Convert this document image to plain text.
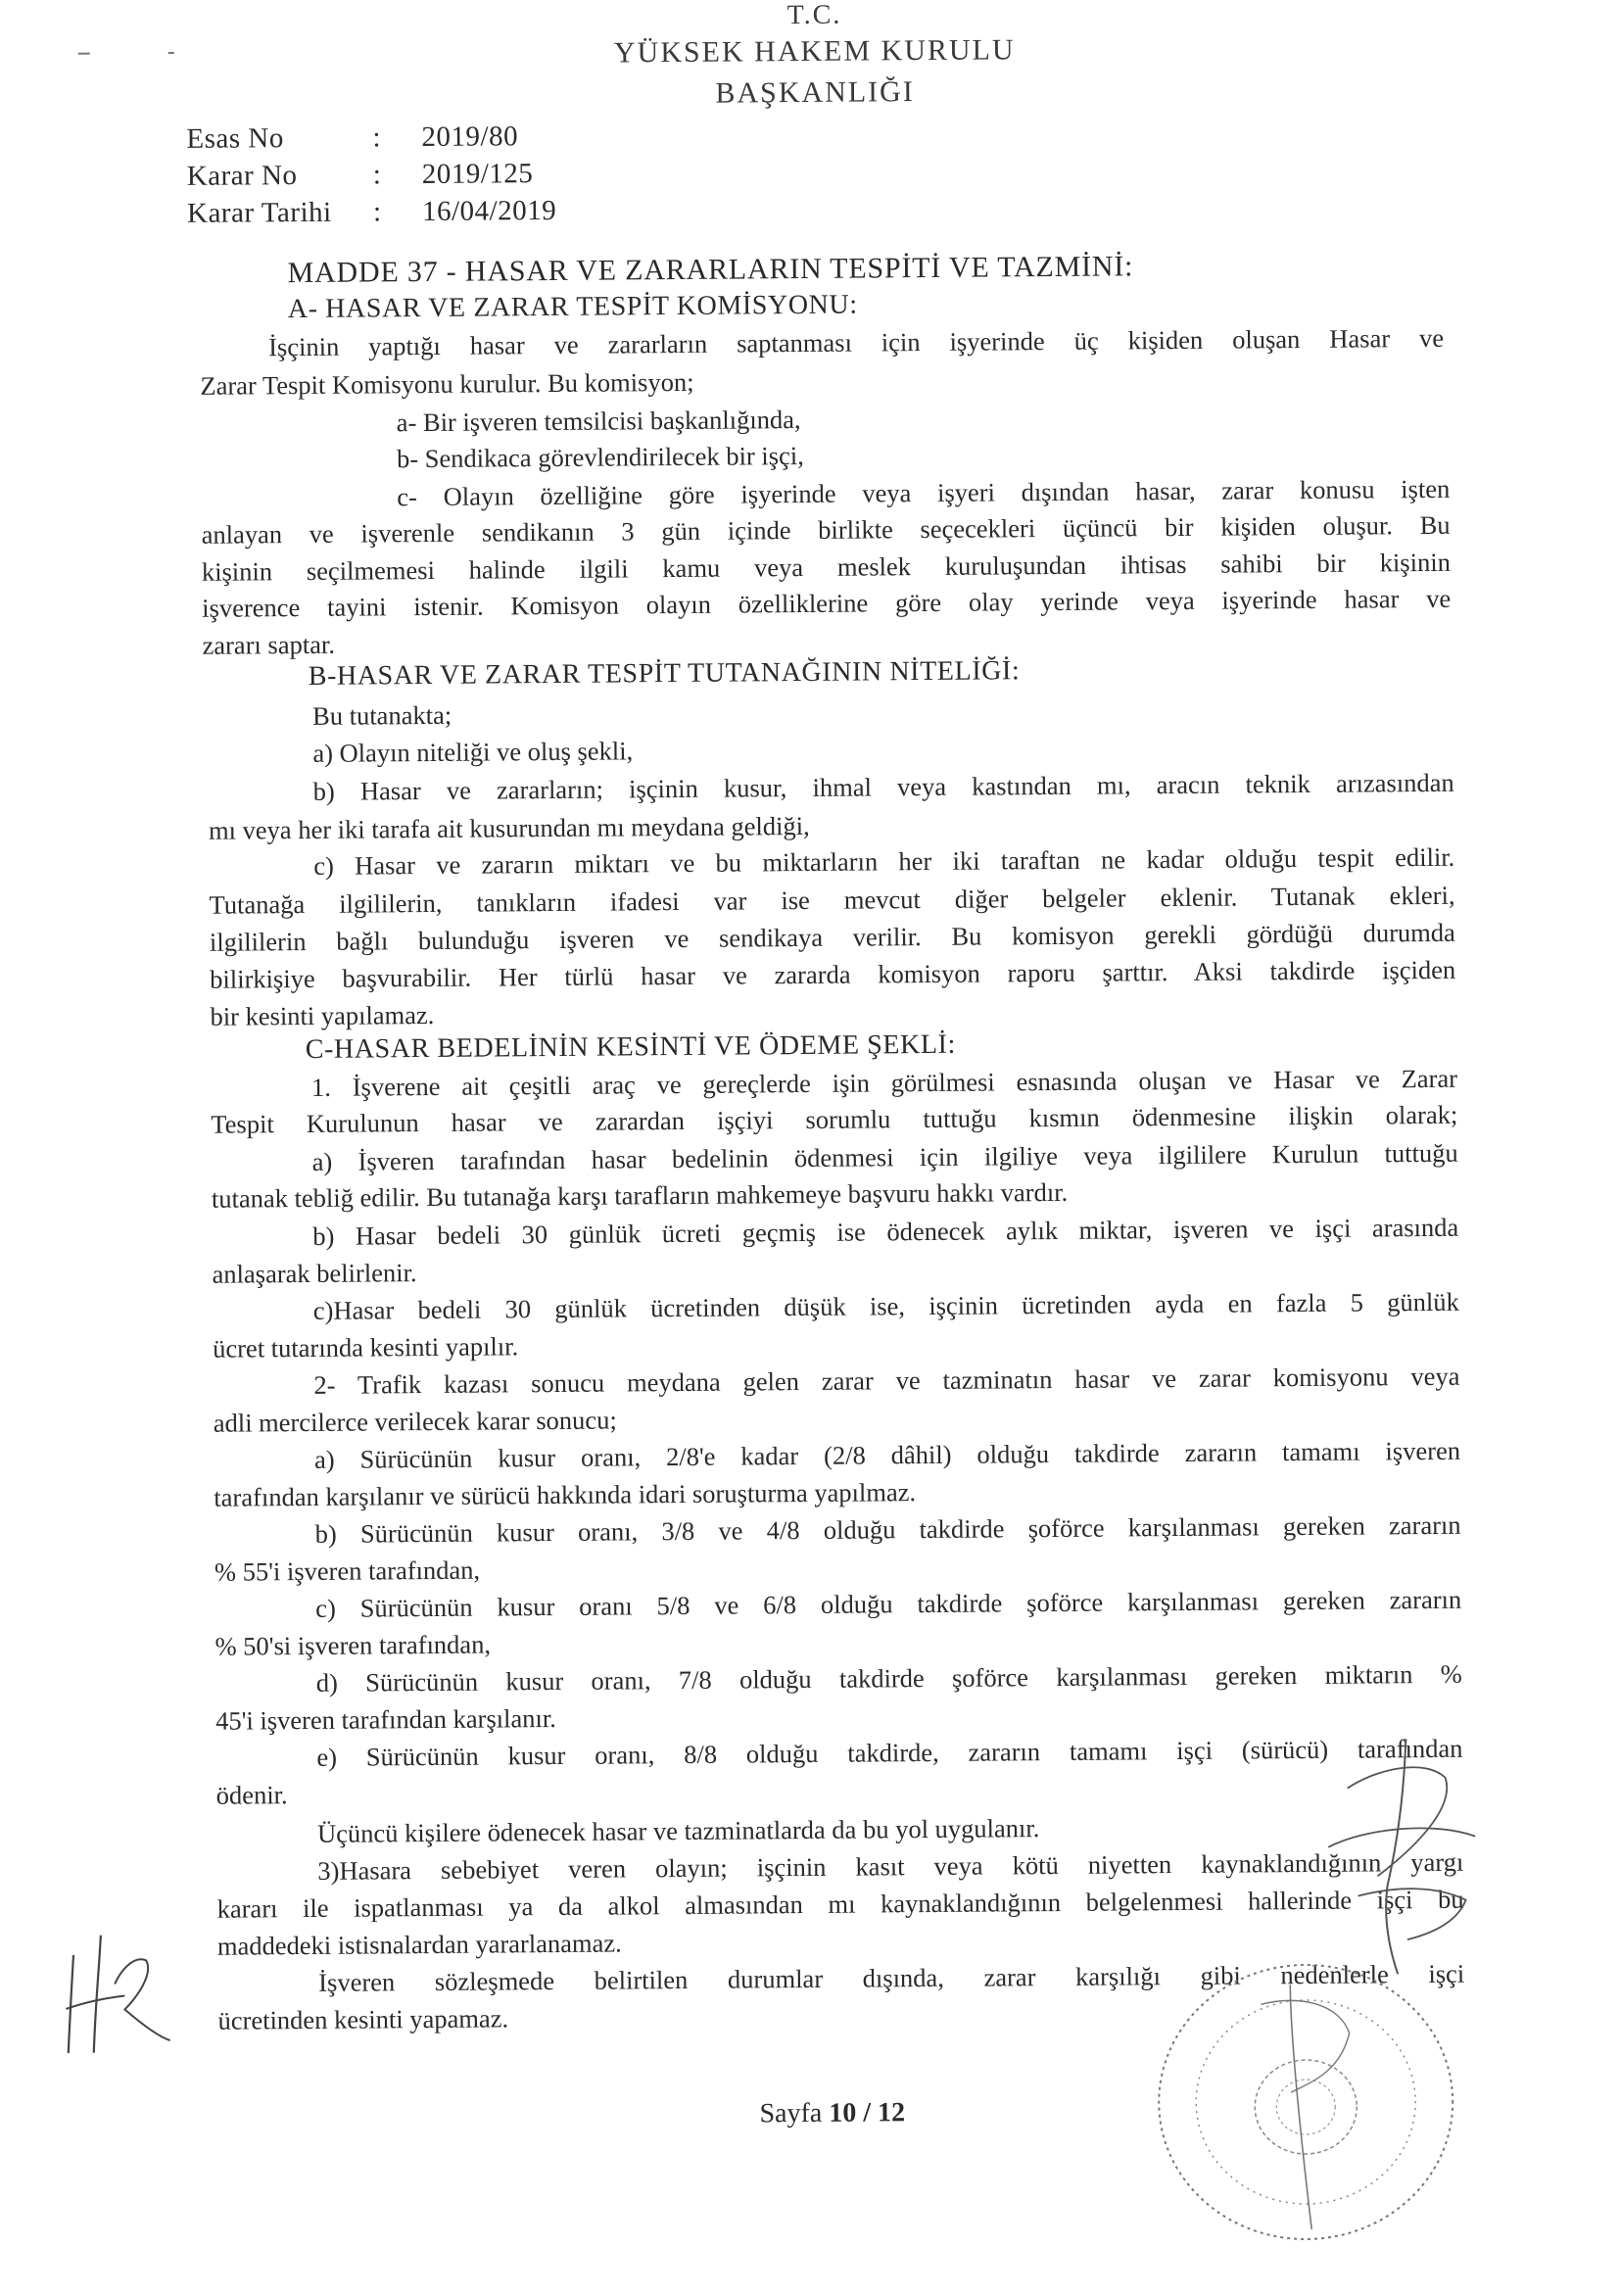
T.C.
YÜKSEK HAKEM KURULU
BAŞKANLIĞI
Esas No	:	2019/80
Karar No	:	2019/125
Karar Tarihi	:	16/04/2019
MADDE 37 - HASAR VE ZARARLARIN TESPİTİ VE TAZMİNİ:
A- HASAR VE ZARAR TESPİT KOMİSYONU:
İşçinin yaptığı hasar ve zararların saptanması için işyerinde üç kişiden oluşan Hasar ve
Zarar Tespit Komisyonu kurulur. Bu komisyon;
a- Bir işveren temsilcisi başkanlığında,
b- Sendikaca görevlendirilecek bir işçi,
c- Olayın özelliğine göre işyerinde veya işyeri dışından hasar, zarar konusu işten
anlayan ve işverenle sendikanın 3 gün içinde birlikte seçecekleri üçüncü bir kişiden oluşur. Bu
kişinin seçilmemesi halinde ilgili kamu veya meslek kuruluşundan ihtisas sahibi bir kişinin
işverence tayini istenir. Komisyon olayın özelliklerine göre olay yerinde veya işyerinde hasar ve
zararı saptar.
B-HASAR VE ZARAR TESPİT TUTANAĞININ NİTELİĞİ:
Bu tutanakta;
a) Olayın niteliği ve oluş şekli,
b) Hasar ve zararların; işçinin kusur, ihmal veya kastından mı, aracın teknik arızasından
mı veya her iki tarafa ait kusurundan mı meydana geldiği,
c) Hasar ve zararın miktarı ve bu miktarların her iki taraftan ne kadar olduğu tespit edilir.
Tutanağa ilgililerin, tanıkların ifadesi var ise mevcut diğer belgeler eklenir. Tutanak ekleri,
ilgililerin bağlı bulunduğu işveren ve sendikaya verilir. Bu komisyon gerekli gördüğü durumda
bilirkişiye başvurabilir. Her türlü hasar ve zararda komisyon raporu şarttır. Aksi takdirde işçiden
bir kesinti yapılamaz.
C-HASAR BEDELİNİN KESİNTİ VE ÖDEME ŞEKLİ:
1. İşverene ait çeşitli araç ve gereçlerde işin görülmesi esnasında oluşan ve Hasar ve Zarar
Tespit Kurulunun hasar ve zarardan işçiyi sorumlu tuttuğu kısmın ödenmesine ilişkin olarak;
a) İşveren tarafından hasar bedelinin ödenmesi için ilgiliye veya ilgililere Kurulun tuttuğu
tutanak tebliğ edilir. Bu tutanağa karşı tarafların mahkemeye başvuru hakkı vardır.
b) Hasar bedeli 30 günlük ücreti geçmiş ise ödenecek aylık miktar, işveren ve işçi arasında
anlaşarak belirlenir.
c)Hasar bedeli 30 günlük ücretinden düşük ise, işçinin ücretinden ayda en fazla 5 günlük
ücret tutarında kesinti yapılır.
2- Trafik kazası sonucu meydana gelen zarar ve tazminatın hasar ve zarar komisyonu veya
adli mercilerce verilecek karar sonucu;
a) Sürücünün kusur oranı, 2/8'e kadar (2/8 dâhil) olduğu takdirde zararın tamamı işveren
tarafından karşılanır ve sürücü hakkında idari soruşturma yapılmaz.
b) Sürücünün kusur oranı, 3/8 ve 4/8 olduğu takdirde şoförce karşılanması gereken zararın
% 55'i işveren tarafından,
c) Sürücünün kusur oranı 5/8 ve 6/8 olduğu takdirde şoförce karşılanması gereken zararın
% 50'si işveren tarafından,
d) Sürücünün kusur oranı, 7/8 olduğu takdirde şoförce karşılanması gereken miktarın %
45'i işveren tarafından karşılanır.
e) Sürücünün kusur oranı, 8/8 olduğu takdirde, zararın tamamı işçi (sürücü) tarafından
ödenir.
Üçüncü kişilere ödenecek hasar ve tazminatlarda da bu yol uygulanır.
3)Hasara sebebiyet veren olayın; işçinin kasıt veya kötü niyetten kaynaklandığının yargı
kararı ile ispatlanması ya da alkol almasından mı kaynaklandığının belgelenmesi hallerinde işçi bu
maddedeki istisnalardan yararlanamaz.
İşveren sözleşmede belirtilen durumlar dışında, zarar karşılığı gibi nedenlerle işçi
ücretinden kesinti yapamaz.
Sayfa 10 / 12
